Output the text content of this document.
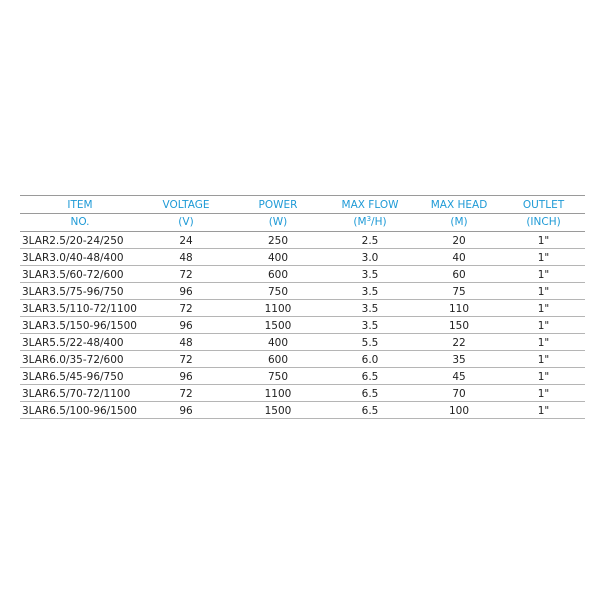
ITEM	VOLTAGE	POWER	MAX FLOW	MAX HEAD	OUTLET
NO.	(V)	(W)	$(M^3/H)$	(M)	(INCH)
3LAR2.5/20-24/250	24	250	2.5	20	1"
3LAR3.0/40-48/400	48	400	3.0	40	1"
3LAR3.5/60-72/600	72	600	3.5	60	1"
3LAR3.5/75-96/750	96	750	3.5	75	1"
3LAR3.5/110-72/1100	72	1100	3.5	110	1"
3LAR3.5/150-96/1500	96	1500	3.5	150	1"
3LAR5.5/22-48/400	48	400	5.5	22	1"
3LAR6.0/35-72/600	72	600	6.0	35	1"
3LAR6.5/45-96/750	96	750	6.5	45	1"
3LAR6.5/70-72/1100	72	1100	6.5	70	1"
3LAR6.5/100-96/1500	96	1500	6.5	100	1"
